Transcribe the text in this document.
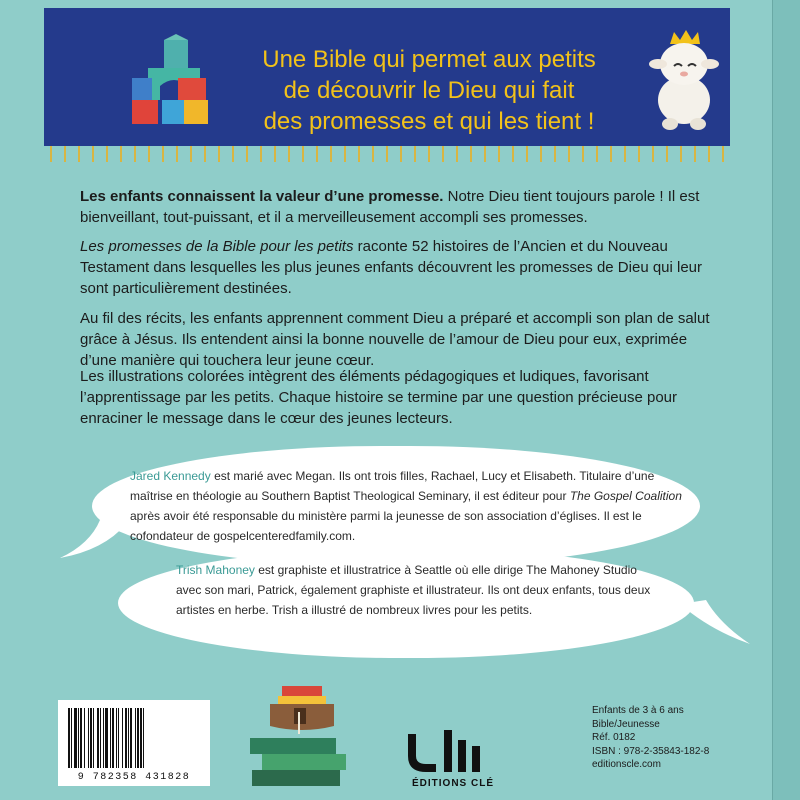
Une Bible qui permet aux petits
de découvrir le Dieu qui fait
des promesses et qui les tient !

Les enfants connaissent la valeur d’une promesse. Notre Dieu tient toujours parole ! Il est bienveillant, tout-puissant, et il a merveilleusement accompli ses promesses.

Les promesses de la Bible pour les petits raconte 52 histoires de l’Ancien et du Nouveau Testament dans lesquelles les plus jeunes enfants découvrent les promesses de Dieu qui leur sont particulièrement destinées.

Au fil des récits, les enfants apprennent comment Dieu a préparé et accompli son plan de salut grâce à Jésus. Ils entendent ainsi la bonne nouvelle de l’amour de Dieu pour eux, exprimée d’une manière qui touchera leur jeune cœur.

Les illustrations colorées intègrent des éléments pédagogiques et ludiques, favorisant l’apprentissage par les petits. Chaque histoire se termine par une question précieuse pour enraciner le message dans le cœur des jeunes lecteurs.

Jared Kennedy est marié avec Megan. Ils ont trois filles, Rachael, Lucy et Elisabeth. Titulaire d’une maîtrise en théologie au Southern Baptist Theological Seminary, il est éditeur pour The Gospel Coalition après avoir été responsable du ministère parmi la jeunesse de son association d’églises. Il est le cofondateur de gospelcenteredfamily.com.

Trish Mahoney est graphiste et illustratrice à Seattle où elle dirige The Mahoney Studio avec son mari, Patrick, également graphiste et illustrateur. Ils ont deux enfants, tous deux artistes en herbe. Trish a illustré de nombreux livres pour les petits.

9 782358 431828

ÉDITIONS CLÉ

Enfants de 3 à 6 ans
Bible/Jeunesse
Réf. 0182
ISBN : 978-2-35843-182-8
editionscle.com
